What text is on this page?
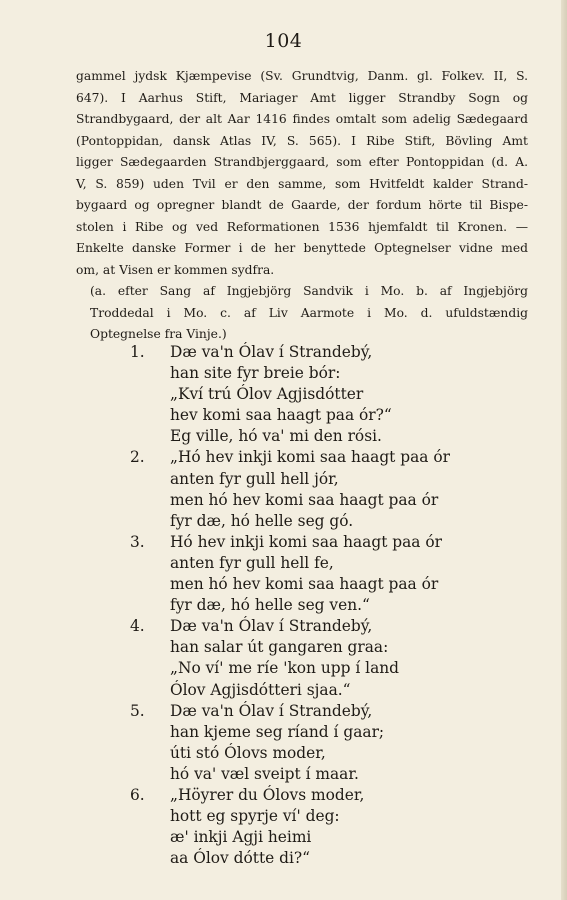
104
gammel jydsk Kjæmpevise (Sv. Grundtvig, Danm. gl. Folkev. II, S.
647). I Aarhus Stift, Mariager Amt ligger Strandby Sogn og
Strandbygaard, der alt Aar 1416 findes omtalt som adelig Sædegaard
(Pontoppidan, dansk Atlas IV, S. 565). I Ribe Stift, Bövling Amt
ligger Sædegaarden Strandbjerggaard, som efter Pontoppidan (d. A.
V, S. 859) uden Tvil er den samme, som Hvitfeldt kalder Strand-
bygaard og opregner blandt de Gaarde, der fordum hörte til Bispe-
stolen i Ribe og ved Reformationen 1536 hjemfaldt til Kronen. —
Enkelte danske Former i de her benyttede Optegnelser vidne med
om, at Visen er kommen sydfra.
(a. efter Sang af Ingjebjörg Sandvik i Mo. b. af Ingjebjörg
Troddedal i Mo. c. af Liv Aarmote i Mo. d. ufuldstændig
Optegnelse fra Vinje.)
1.	Dæ va'n Ólav í Strandebý,
han site fyr breie bór:
„Kví trú Ólov Agjisdótter
hev komi saa haagt paa ór?“
Eg ville, hó va' mi den rósi.
2.	„Hó hev inkji komi saa haagt paa ór
anten fyr gull hell jór,
men hó hev komi saa haagt paa ór
fyr dæ, hó helle seg gó.
3.	Hó hev inkji komi saa haagt paa ór
anten fyr gull hell fe,
men hó hev komi saa haagt paa ór
fyr dæ, hó helle seg ven.“
4.	Dæ va'n Ólav í Strandebý,
han salar út gangaren graa:
„No ví' me ríe 'kon upp í land
Ólov Agjisdótteri sjaa.“
5.	Dæ va'n Ólav í Strandebý,
han kjeme seg ríand í gaar;
úti stó Ólovs moder,
hó va' væl sveipt í maar.
6.	„Höyrer du Ólovs moder,
hott eg spyrje ví' deg:
æ' inkji Agji heimi
aa Ólov dótte di?“
